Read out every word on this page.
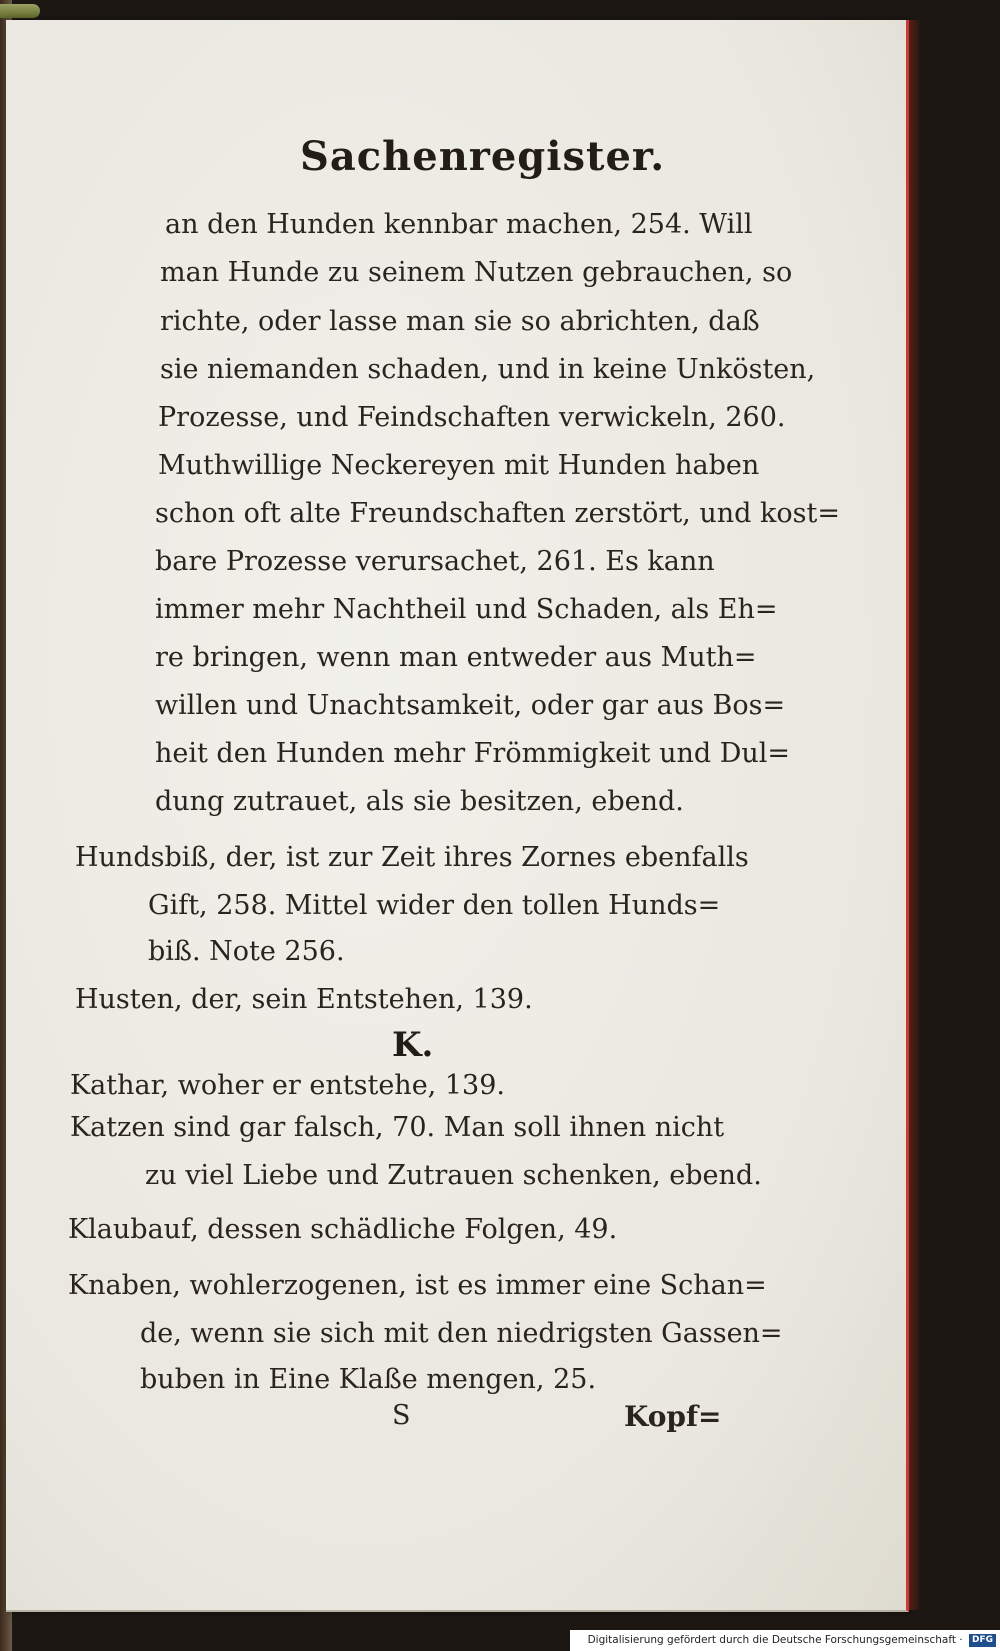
Sachenregister.
an den Hunden kennbar machen, 254. Will
man Hunde zu seinem Nutzen gebrauchen, so
richte, oder lasse man sie so abrichten, daß
sie niemanden schaden, und in keine Unkösten,
Prozesse, und Feindschaften verwickeln, 260.
Muthwillige Neckereyen mit Hunden haben
schon oft alte Freundschaften zerstört, und kost=
bare Prozesse verursachet, 261. Es kann
immer mehr Nachtheil und Schaden, als Eh=
re bringen, wenn man entweder aus Muth=
willen und Unachtsamkeit, oder gar aus Bos=
heit den Hunden mehr Frömmigkeit und Dul=
dung zutrauet, als sie besitzen, ebend.
Hundsbiß, der, ist zur Zeit ihres Zornes ebenfalls
Gift, 258. Mittel wider den tollen Hunds=
biß. Note 256.
Husten, der, sein Entstehen, 139.
K.
Kathar, woher er entstehe, 139.
Katzen sind gar falsch, 70. Man soll ihnen nicht
zu viel Liebe und Zutrauen schenken, ebend.
Klaubauf, dessen schädliche Folgen, 49.
Knaben, wohlerzogenen, ist es immer eine Schan=
de, wenn sie sich mit den niedrigsten Gassen=
buben in Eine Klaße mengen, 25.
S	Kopf=
Digitalisierung gefördert durch die Deutsche Forschungsgemeinschaft · DFG
